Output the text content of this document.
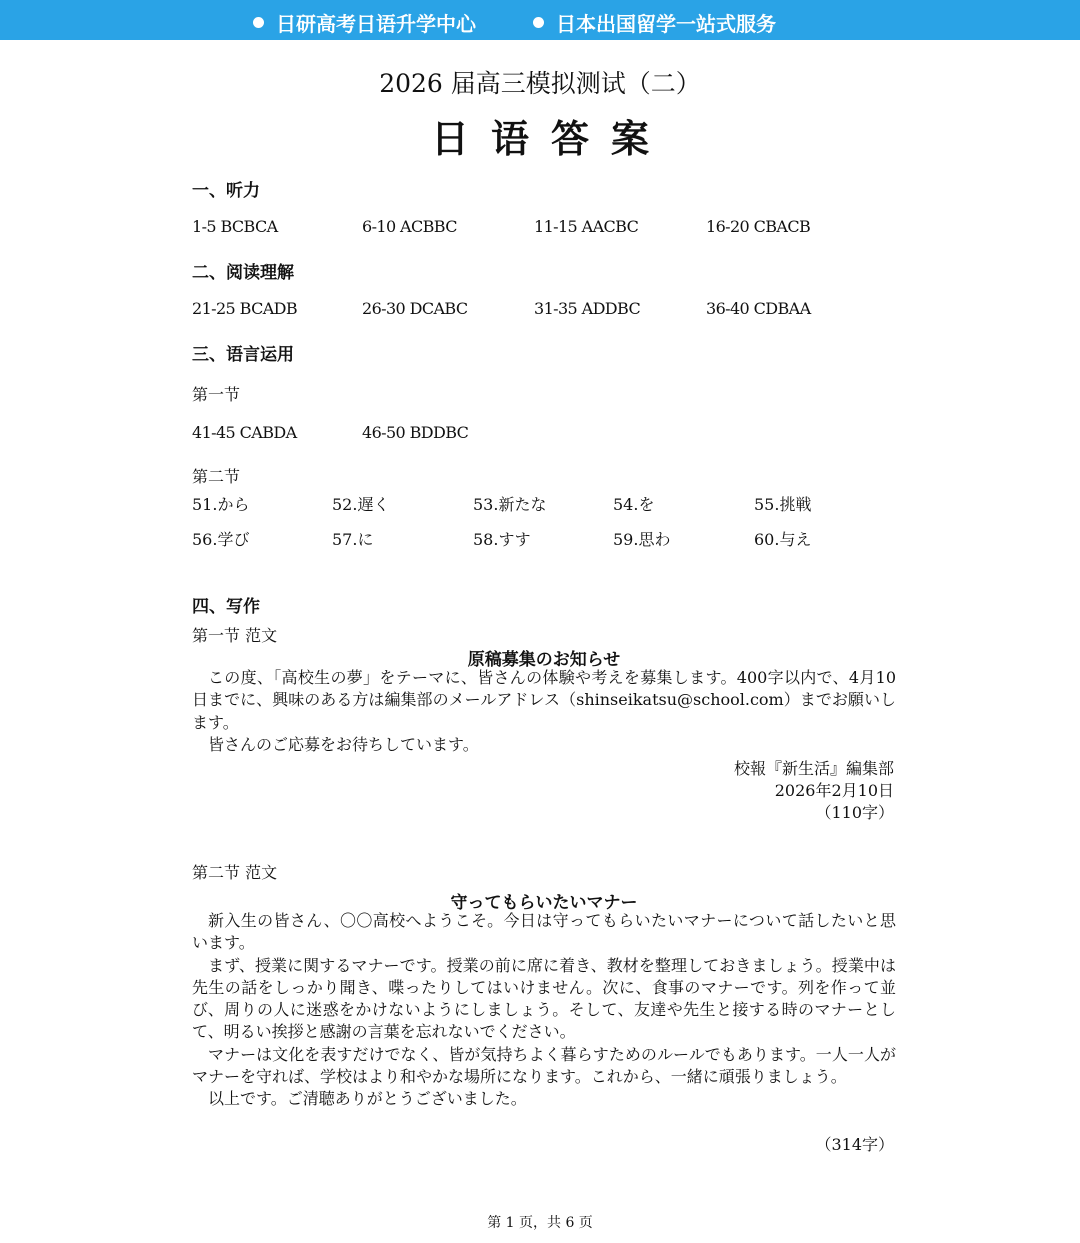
日研高考日语升学中心	日本出国留学一站式服务
2026 届高三模拟测试（二）
日语答案
一、听力
1-5 BCBCA	6-10 ACBBC	11-15 AACBC	16-20 CBACB
二、阅读理解
21-25 BCADB	26-30 DCABC	31-35 ADDBC	36-40 CDBAA
三、语言运用
第一节
41-45 CABDA	46-50 BDDBC
第二节
51.から	52.遅く	53.新たな	54.を	55.挑戦
56.学び	57.に	58.すす	59.思わ	60.与え
四、写作
第一节 范文
原稿募集のお知らせ

この度、「高校生の夢」をテーマに、皆さんの体験や考えを募集します。400字以内で、4月10日までに、興味のある方は編集部のメールアドレス（shinseikatsu@school.com）までお願いします。

皆さんのご応募をお待ちしています。

校報『新生活』編集部
2026年2月10日
（110字）
第二节 范文
守ってもらいたいマナー

新入生の皆さん、〇〇高校へようこそ。今日は守ってもらいたいマナーについて話したいと思います。

まず、授業に関するマナーです。授業の前に席に着き、教材を整理しておきましょう。授業中は先生の話をしっかり聞き、喋ったりしてはいけません。次に、食事のマナーです。列を作って並び、周りの人に迷惑をかけないようにしましょう。そして、友達や先生と接する時のマナーとして、明るい挨拶と感謝の言葉を忘れないでください。

マナーは文化を表すだけでなく、皆が気持ちよく暮らすためのルールでもあります。一人一人がマナーを守れば、学校はより和やかな場所になります。これから、一緒に頑張りましょう。

以上です。ご清聴ありがとうございました。

（314字）
第 1 页，共 6 页
